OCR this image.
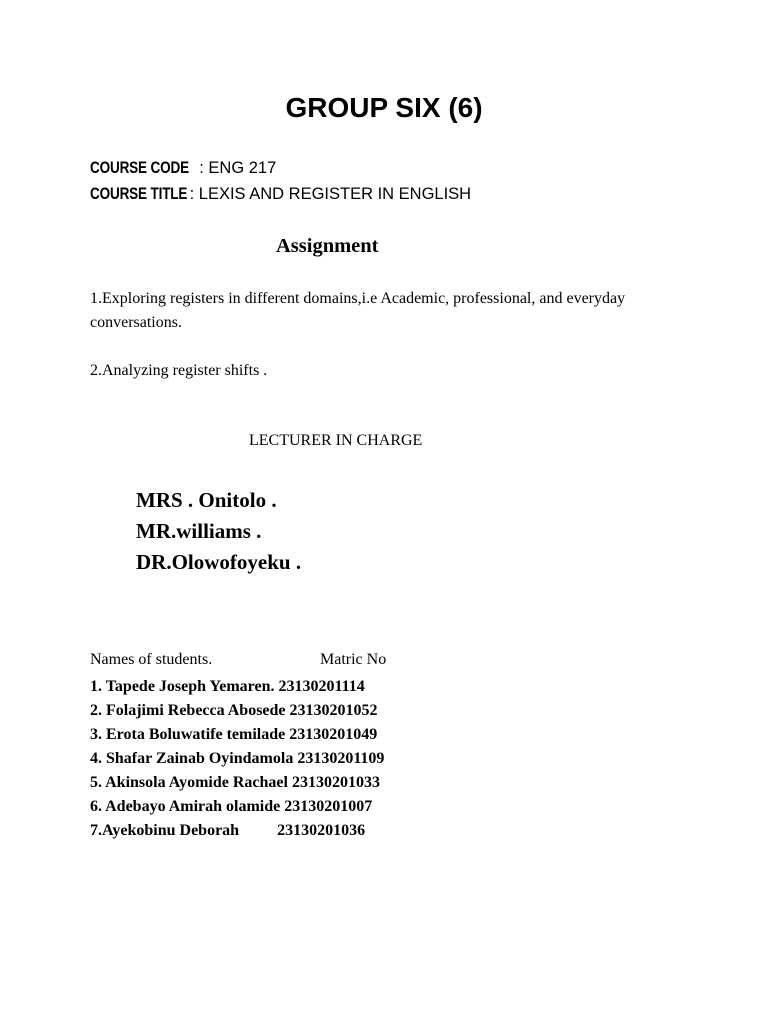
GROUP SIX (6)
COURSE CODE : ENG 217
COURSE TITLE : LEXIS AND REGISTER IN ENGLISH
Assignment
1.Exploring registers in different domains,i.e Academic, professional, and everyday conversations.
2.Analyzing register shifts .
LECTURER IN CHARGE
MRS . Onitolo .
MR.williams .
DR.Olowofoyeku .
Names of students.	Matric No
1. Tapede Joseph Yemaren. 23130201114
2. Folajimi Rebecca Abosede 23130201052
3. Erota Boluwatife temilade 23130201049
4. Shafar Zainab Oyindamola 23130201109
5. Akinsola Ayomide Rachael 23130201033
6. Adebayo Amirah olamide 23130201007
7.Ayekobinu Deborah 23130201036
